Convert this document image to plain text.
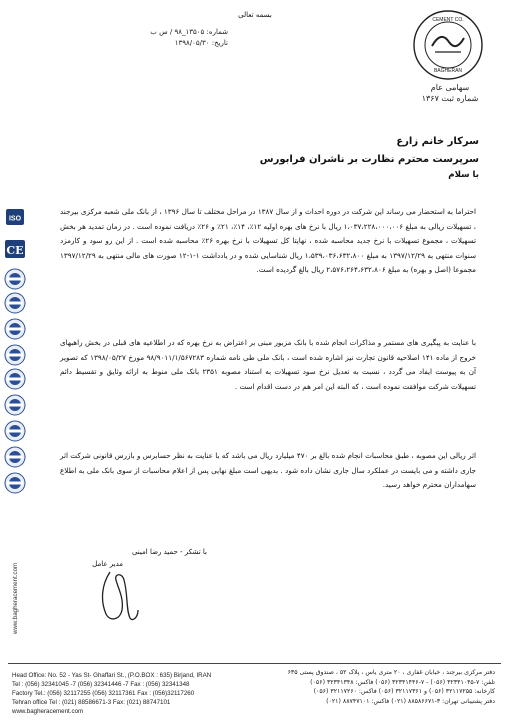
BAGHERAN
CEMENT CO.
سهامی عام
شماره ثبت ۱۳۶۷
بسمه تعالی
شماره: ۱۳۵۰۵_۹۸ / س ب
تاریخ: ۱۳۹۸/۰۵/۳۰
ISO
CE
سرکار خانم زارع
سرپرست محترم نظارت بر ناشران فرابورس
با سلام
احتراما به استحضار می رساند این شرکت در دوره احداث و از سال ۱۳۸۷ در مراحل مختلف تا سال ۱۳۹۶ ، از بانک ملی شعبه مرکزی بیرجند ، تسهیلات ریالی به مبلغ ۱،۰۳۷،۲۲۸،۰۰۰،۰۰۶ ریال با نرخ های بهره اولیه ۱۲٪، ۱۴٪، ۲۱٪ و ۲۶٪ دریافت نموده است . در زمان تمدید هر بخش تسهیلات ، مجموع تسهیلات با نرخ جدید محاسبه شده ، نهایتا کل تسهیلات با نرخ بهره ۲۶٪ محاسبه شده است . از این رو سود و کارمزد سنوات منتهی به ۱۳۹۷/۱۲/۲۹ به مبلغ ۱،۵۳۹،۰۳۶،۶۳۲،۸۰۰ ریال شناسایی شده و در یادداشت ۱-۱-۱۲ صورت های مالی منتهی به ۱۳۹۷/۱۲/۲۹ مجموعا (اصل و بهره) به مبلغ ۲،۵۷۶،۲۶۴،۶۳۲،۸۰۶ ریال بالغ گردیده است.
با عنایت به پیگیری های مستمر و مذاکرات انجام شده با بانک مزبور مبنی بر اعتراض به نرخ بهره که در اطلاعیه های قبلی در بخش راهبهای خروج از ماده ۱۴۱ اصلاحیه قانون تجارت نیز اشاره شده است ، بانک ملی طی نامه شماره ۹۸/۹۰۱۱/۱/۵۶۷۲۸۳ مورخ ۱۳۹۸/۰۵/۲۷ که تصویر آن به پیوست ایفاد می گردد ، نسبت به تعدیل نرخ سود تسهیلات به استناد مصوبه ۲۳۵۱ بانک ملی منوط به ارائه وثایق و تقسیط دائم تسهیلات شرکت موافقت نموده است ، که البته این امر هم در دست اقدام است .
اثر ریالی این مصوبه ، طبق محاسبات انجام شده بالغ بر ۴۷۰ میلیارد ریال می باشد که با عنایت به نظر حسابرس و بازرس قانونی شرکت اثر جاری داشته و می بایست در عملکرد سال جاری نشان داده شود . بدیهی است مبلغ نهایی پس از اعلام محاسبات از سوی بانک ملی به اطلاع سهامداران محترم خواهد رسید.
با تشکر - حمید رضا امینی
مدیر عامل
www.bagheracement.com
Head Office: No. 52 - Yas St- Ghaffari St., (P.O.BOX : 635) Birjand, IRAN
Tel : (056) 32341045 -7 (056) 32341446 -7 Fax : (056) 32341348
Factory Tel.: (056) 32117255 (056) 32117361 Fax : (056)32117260
Tehran office Tel : (021) 88586671-3 Fax: (021) 88747101
www.bagheracement.com
دفتر مرکزی بیرجند ، خیابان غفاری ، ۲۰ متری یاس ، پلاک ۵۲ ، صندوق پستی ۶۳۵
تلفن: ۷-۳۲۳۴۱۰۴۵ (۰۵۶) - ۷-۳۲۳۴۱۴۴۶ (۰۵۶) فاکس: ۳۲۳۴۱۳۴۸ (۰۵۶)
کارخانه: ۳۲۱۱۷۲۵۵ (۰۵۶) و ۳۲۱۱۷۳۶۱ (۰۵۶) فاکس: ۳۲۱۱۷۲۶۰ (۰۵۶)
دفتر پشتیبانی تهران: ۳-۸۸۵۸۶۶۷۱ (۰۲۱) فاکس: ۸۸۷۴۷۱۰۱ (۰۲۱)
